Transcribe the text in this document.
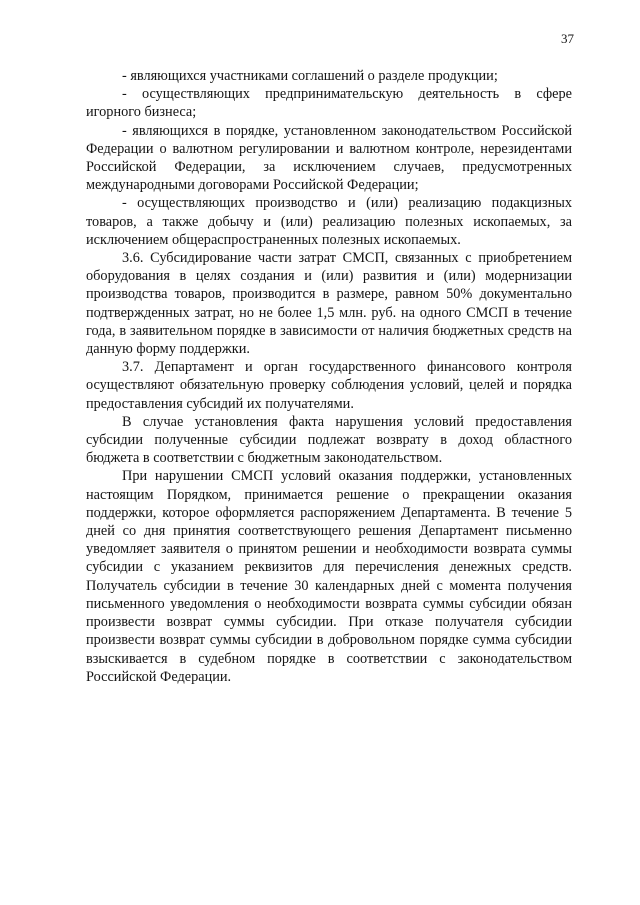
37

- являющихся участниками соглашений о разделе продукции;

- осуществляющих предпринимательскую деятельность в сфере игорного бизнеса;

- являющихся в порядке, установленном законодательством Российской Федерации о валютном регулировании и валютном контроле, нерезидентами Российской Федерации, за исключением случаев, предусмотренных международными договорами Российской Федерации;

- осуществляющих производство и (или) реализацию подакцизных товаров, а также добычу и (или) реализацию полезных ископаемых, за исключением общераспространенных полезных ископаемых.

3.6. Субсидирование части затрат СМСП, связанных с приобретением оборудования в целях создания и (или) развития и (или) модернизации производства товаров, производится в размере, равном 50% документально подтвержденных затрат, но не более 1,5 млн. руб. на одного СМСП в течение года, в заявительном порядке в зависимости от наличия бюджетных средств на данную форму поддержки.

3.7. Департамент и орган государственного финансового контроля осуществляют обязательную проверку соблюдения условий, целей и порядка предоставления субсидий их получателями.

В случае установления факта нарушения условий предоставления субсидии полученные субсидии подлежат возврату в доход областного бюджета в соответствии с бюджетным законодательством.

При нарушении СМСП условий оказания поддержки, установленных настоящим Порядком, принимается решение о прекращении оказания поддержки, которое оформляется распоряжением Департамента. В течение 5 дней со дня принятия соответствующего решения Департамент письменно уведомляет заявителя о принятом решении и необходимости возврата суммы субсидии с указанием реквизитов для перечисления денежных средств. Получатель субсидии в течение 30 календарных дней с момента получения письменного уведомления о необходимости возврата суммы субсидии обязан произвести возврат суммы субсидии. При отказе получателя субсидии произвести возврат суммы субсидии в добровольном порядке сумма субсидии взыскивается в судебном порядке в соответствии с законодательством Российской Федерации.
